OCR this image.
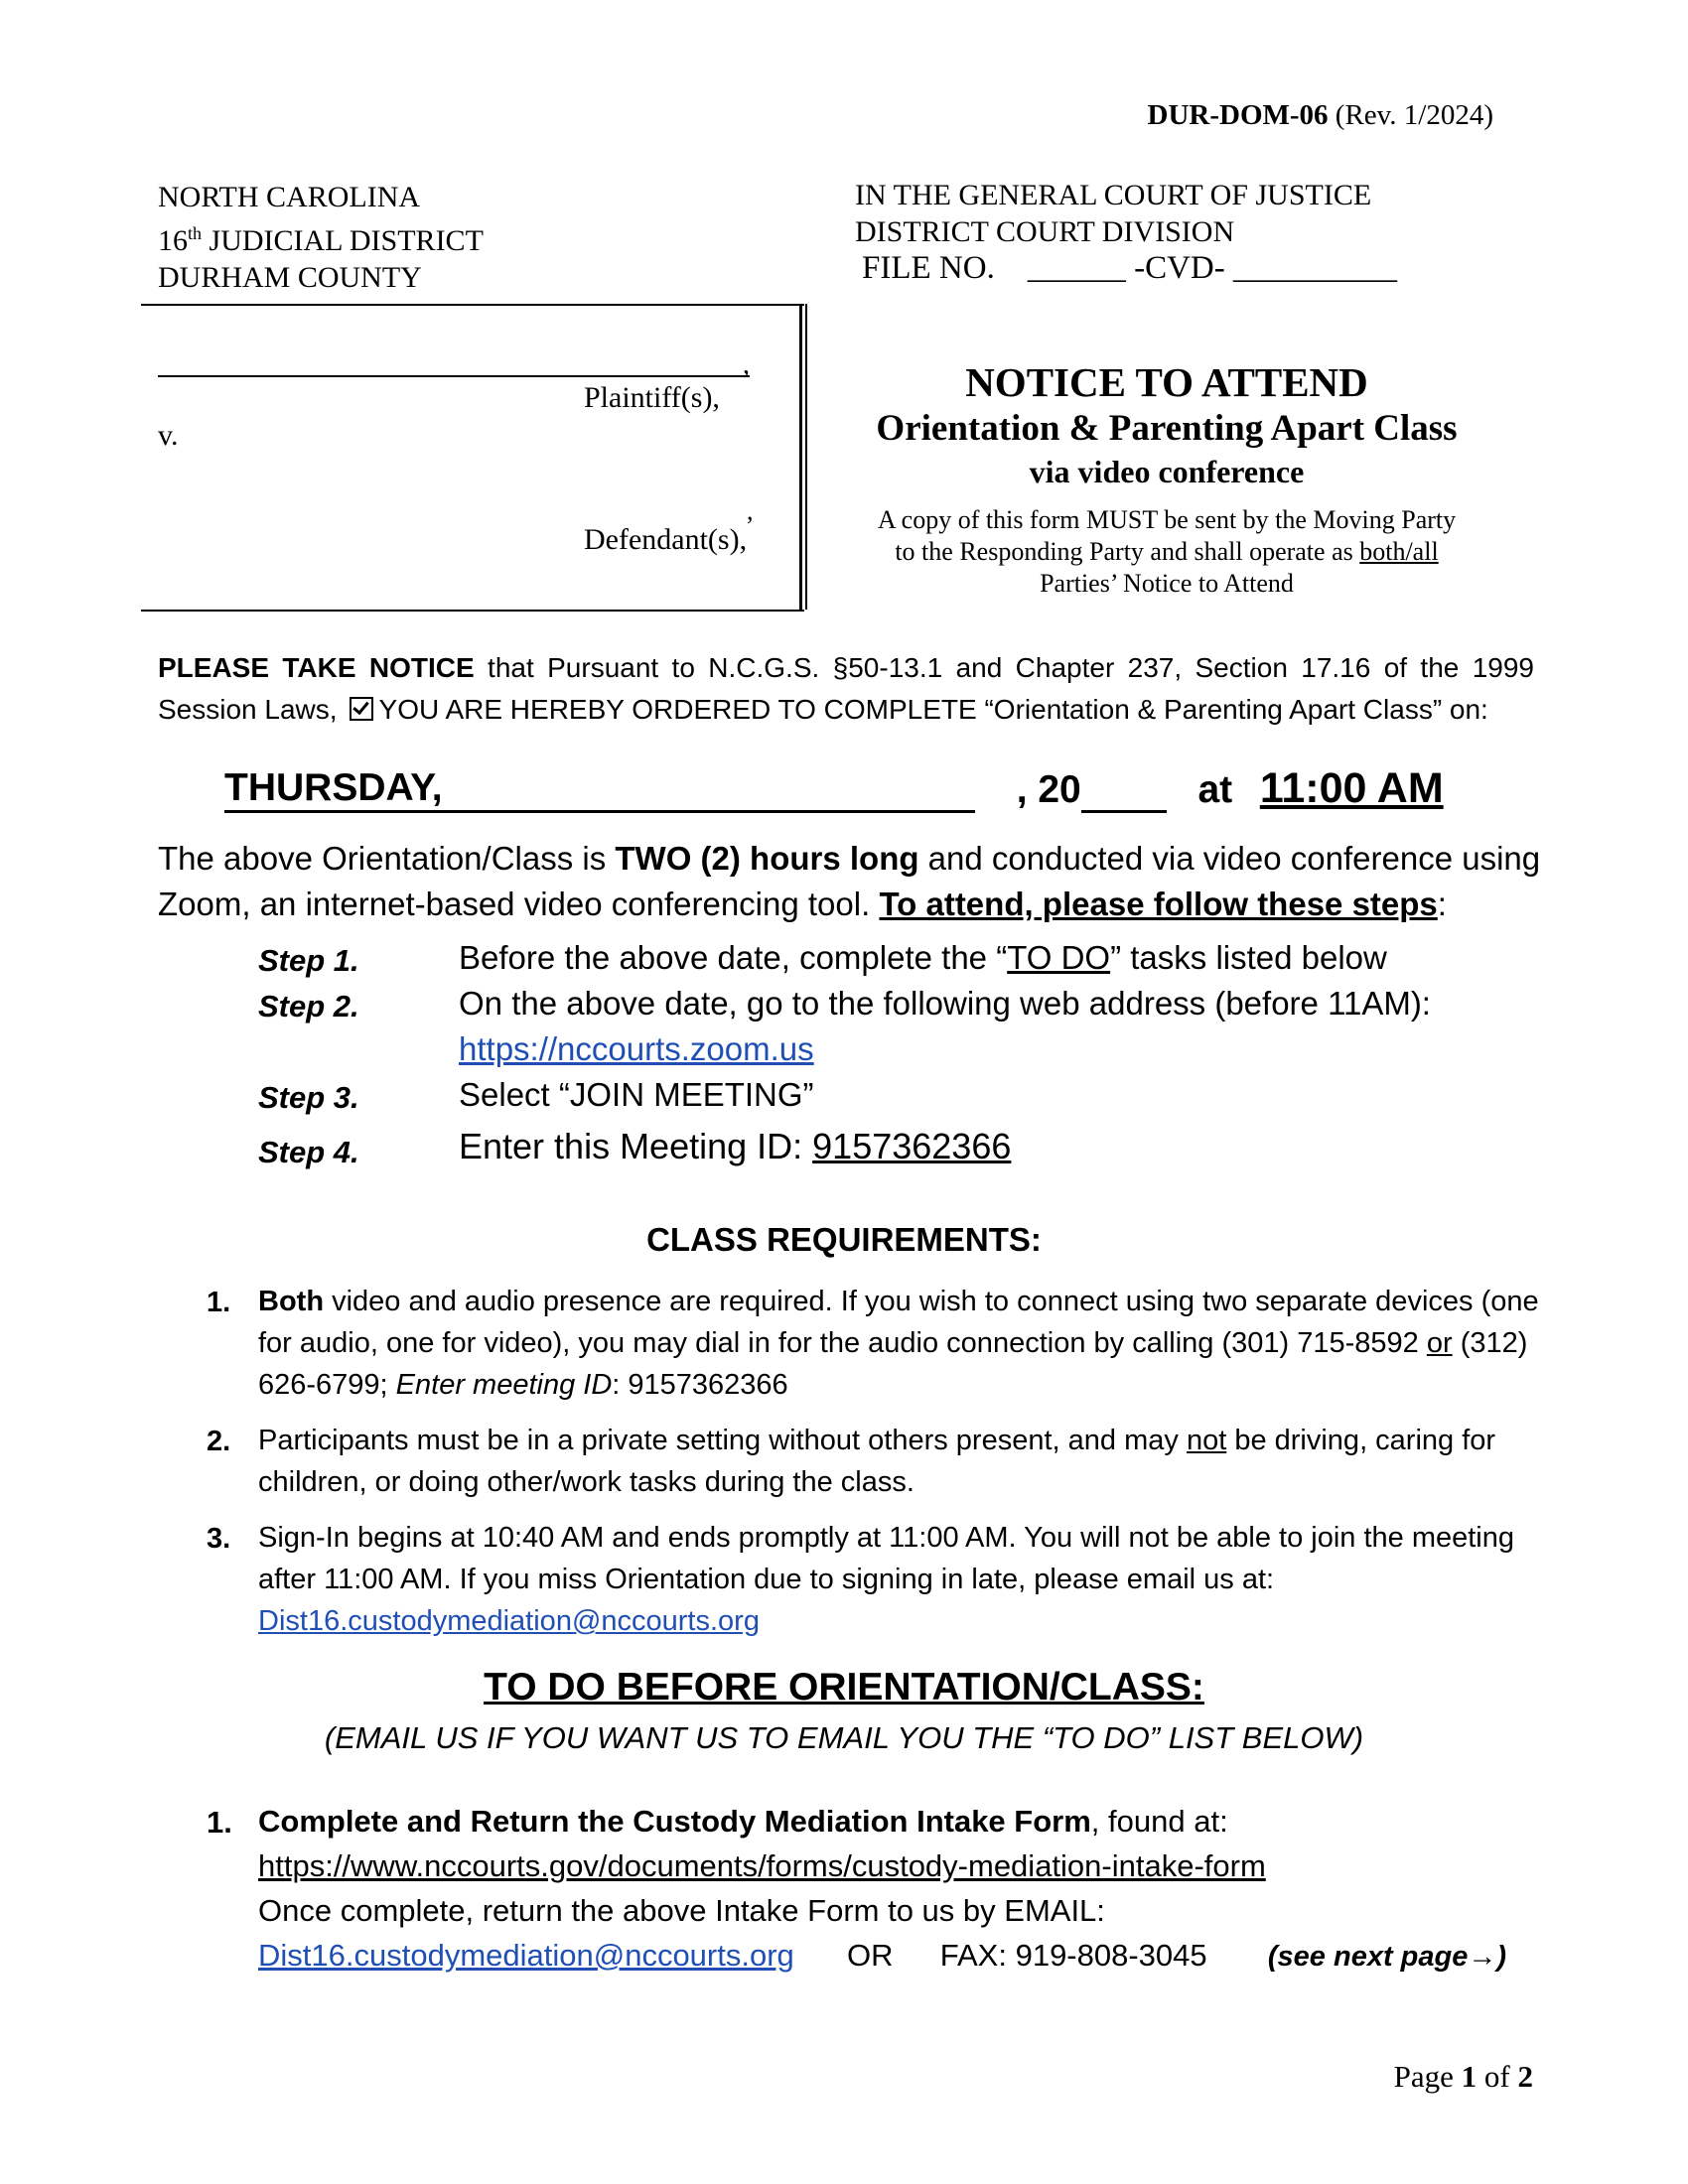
DUR-DOM-06 (Rev. 1/2024)
NORTH CAROLINA
16th JUDICIAL DISTRICT
DURHAM COUNTY
IN THE GENERAL COURT OF JUSTICE
DISTRICT COURT DIVISION
FILE NO. ______ -CVD- __________
,
Plaintiff(s),
v.
,
Defendant(s),
NOTICE TO ATTEND
Orientation & Parenting Apart Class
via video conference
A copy of this form MUST be sent by the Moving Party
to the Responding Party and shall operate as both/all
Parties’ Notice to Attend
PLEASE TAKE NOTICE that Pursuant to N.C.G.S. §50-13.1 and Chapter 237, Section 17.16 of the 1999 Session Laws, YOU ARE HEREBY ORDERED TO COMPLETE “Orientation & Parenting Apart Class” on:
THURSDAY,	, 20	at 11:00 AM
The above Orientation/Class is TWO (2) hours long and conducted via video conference using Zoom, an internet-based video conferencing tool. To attend, please follow these steps:
Step 1.	Before the above date, complete the “TO DO” tasks listed below
Step 2.	On the above date, go to the following web address (before 11AM):
https://nccourts.zoom.us
Step 3.	Select “JOIN MEETING”
Step 4.	Enter this Meeting ID: 9157362366
CLASS REQUIREMENTS:
1. Both video and audio presence are required. If you wish to connect using two separate devices (one for audio, one for video), you may dial in for the audio connection by calling (301) 715-8592 or (312) 626-6799; Enter meeting ID: 9157362366
2. Participants must be in a private setting without others present, and may not be driving, caring for children, or doing other/work tasks during the class.
3. Sign-In begins at 10:40 AM and ends promptly at 11:00 AM. You will not be able to join the meeting after 11:00 AM. If you miss Orientation due to signing in late, please email us at: Dist16.custodymediation@nccourts.org
TO DO BEFORE ORIENTATION/CLASS:
(EMAIL US IF YOU WANT US TO EMAIL YOU THE “TO DO” LIST BELOW)
1. Complete and Return the Custody Mediation Intake Form, found at:
https://www.nccourts.gov/documents/forms/custody-mediation-intake-form
Once complete, return the above Intake Form to us by EMAIL:
Dist16.custodymediation@nccourts.org OR FAX: 919-808-3045 (see next page→)
Page 1 of 2
